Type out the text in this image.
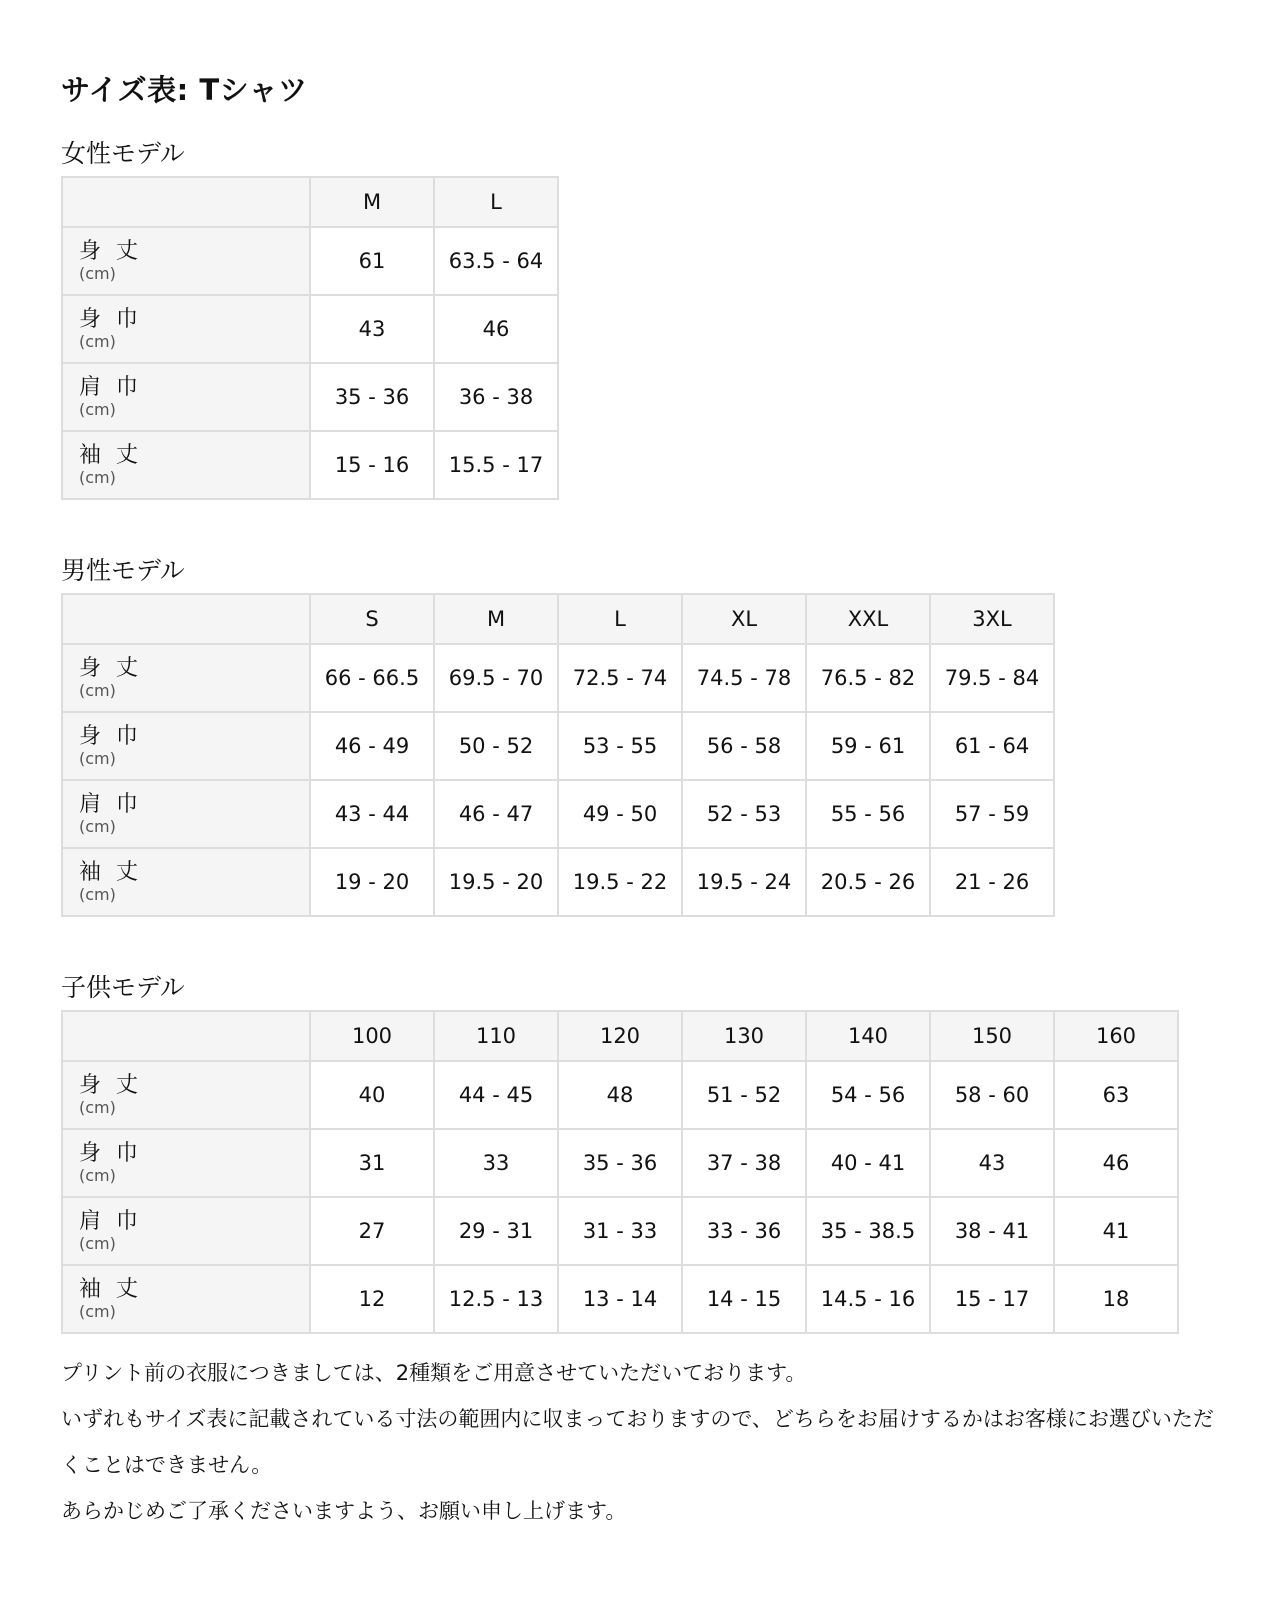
サイズ表: Tシャツ
女性モデル
	M	L

身 丈
(cm)	61	63.5 - 64

身 巾
(cm)	43	46

肩 巾
(cm)	35 - 36	36 - 38

袖 丈
(cm)	15 - 16	15.5 - 17
男性モデル
	S	M	L	XL	XXL	3XL

身 丈
(cm)	66 - 66.5	69.5 - 70	72.5 - 74	74.5 - 78	76.5 - 82	79.5 - 84

身 巾
(cm)	46 - 49	50 - 52	53 - 55	56 - 58	59 - 61	61 - 64

肩 巾
(cm)	43 - 44	46 - 47	49 - 50	52 - 53	55 - 56	57 - 59

袖 丈
(cm)	19 - 20	19.5 - 20	19.5 - 22	19.5 - 24	20.5 - 26	21 - 26
子供モデル
	100	110	120	130	140	150	160

身 丈
(cm)	40	44 - 45	48	51 - 52	54 - 56	58 - 60	63

身 巾
(cm)	31	33	35 - 36	37 - 38	40 - 41	43	46

肩 巾
(cm)	27	29 - 31	31 - 33	33 - 36	35 - 38.5	38 - 41	41

袖 丈
(cm)	12	12.5 - 13	13 - 14	14 - 15	14.5 - 16	15 - 17	18

プリント前の衣服につきましては、2種類をご用意させていただいております。

いずれもサイズ表に記載されている寸法の範囲内に収まっておりますので、どちらをお届けするかはお客様にお選びいただくことはできません。

あらかじめご了承くださいますよう、お願い申し上げます。
